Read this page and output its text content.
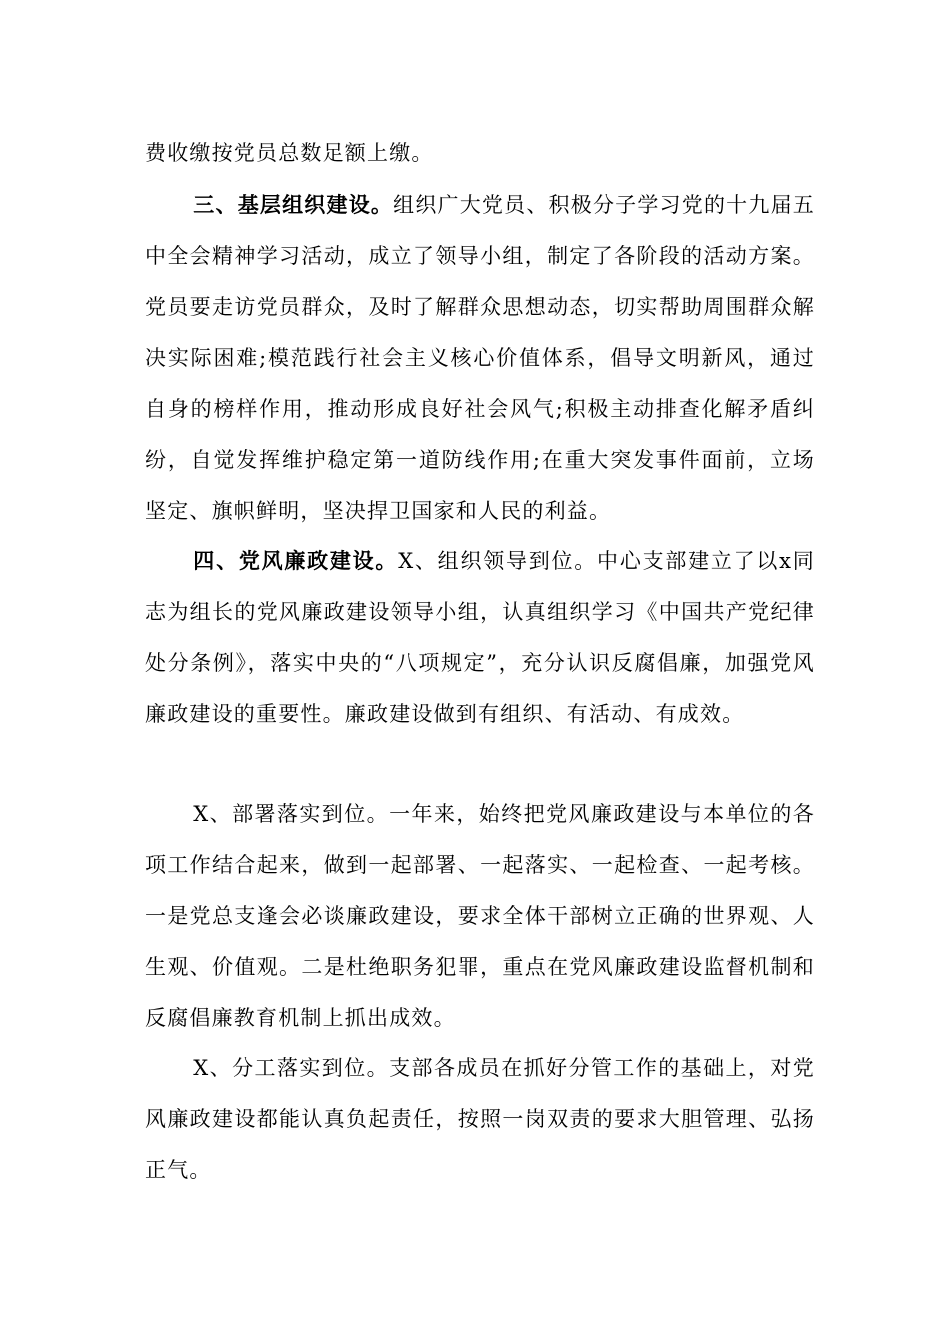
费收缴按党员总数足额上缴。

三、基层组织建设。组织广大党员、积极分子学习党的十九届五中全会精神学习活动，成立了领导小组，制定了各阶段的活动方案。党员要走访党员群众，及时了解群众思想动态，切实帮助周围群众解决实际困难;模范践行社会主义核心价值体系，倡导文明新风，通过自身的榜样作用，推动形成良好社会风气;积极主动排查化解矛盾纠纷，自觉发挥维护稳定第一道防线作用;在重大突发事件面前，立场坚定、旗帜鲜明，坚决捍卫国家和人民的利益。

四、党风廉政建设。X、组织领导到位。中心支部建立了以x同志为组长的党风廉政建设领导小组，认真组织学习《中国共产党纪律处分条例》，落实中央的“八项规定”，充分认识反腐倡廉，加强党风廉政建设的重要性。廉政建设做到有组织、有活动、有成效。

X、部署落实到位。一年来，始终把党风廉政建设与本单位的各项工作结合起来，做到一起部署、一起落实、一起检查、一起考核。一是党总支逢会必谈廉政建设，要求全体干部树立正确的世界观、人生观、价值观。二是杜绝职务犯罪，重点在党风廉政建设监督机制和反腐倡廉教育机制上抓出成效。

X、分工落实到位。支部各成员在抓好分管工作的基础上，对党风廉政建设都能认真负起责任，按照一岗双责的要求大胆管理、弘扬正气。
